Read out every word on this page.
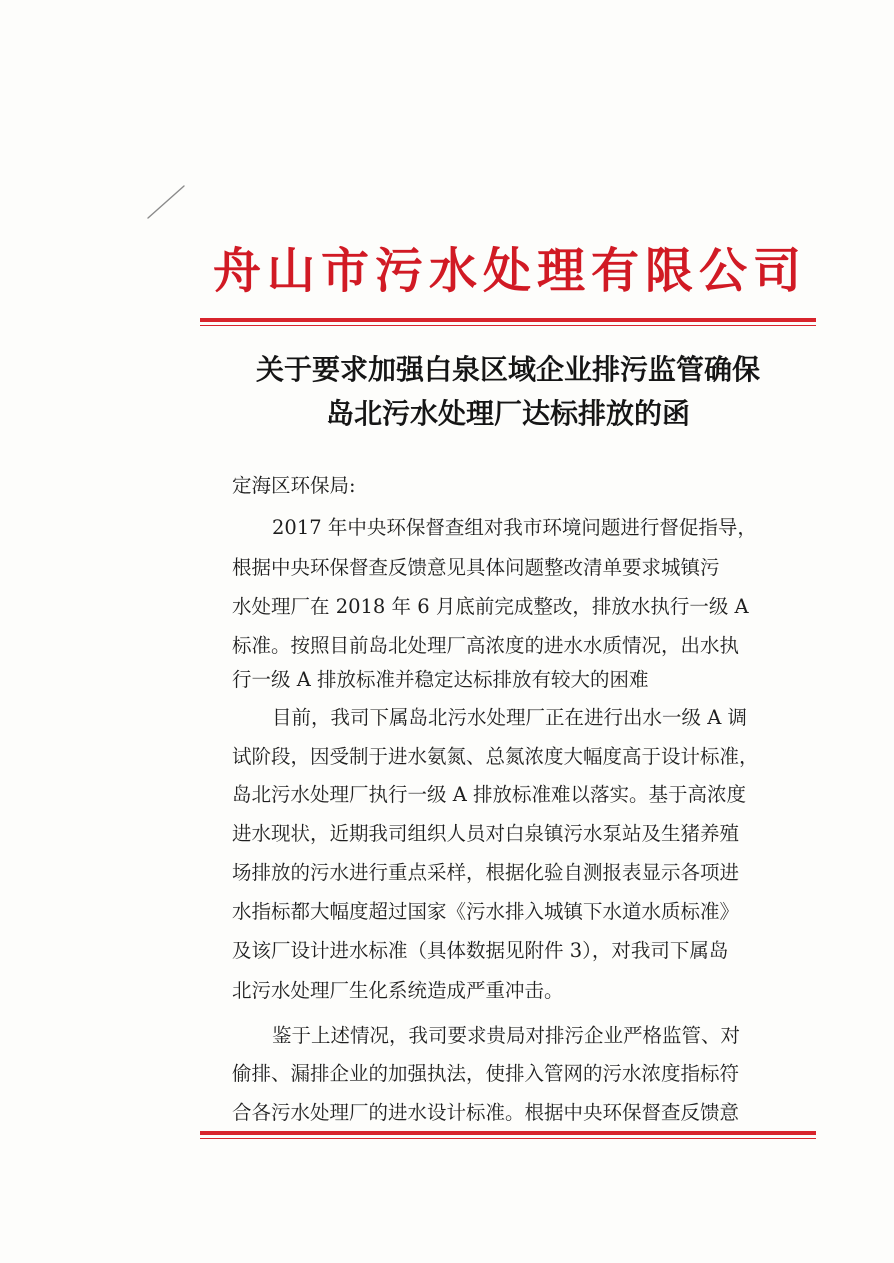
舟山市污水处理有限公司
关于要求加强白泉区域企业排污监管确保
岛北污水处理厂达标排放的函
定海区环保局:
2017 年中央环保督查组对我市环境问题进行督促指导，
根据中央环保督查反馈意见具体问题整改清单要求城镇污
水处理厂在 2018 年 6 月底前完成整改，排放水执行一级 A
标准。按照目前岛北处理厂高浓度的进水水质情况，出水执
行一级 A 排放标准并稳定达标排放有较大的困难
目前，我司下属岛北污水处理厂正在进行出水一级 A 调
试阶段，因受制于进水氨氮、总氮浓度大幅度高于设计标准，
岛北污水处理厂执行一级 A 排放标准难以落实。基于高浓度
进水现状，近期我司组织人员对白泉镇污水泵站及生猪养殖
场排放的污水进行重点采样，根据化验自测报表显示各项进
水指标都大幅度超过国家《污水排入城镇下水道水质标准》
及该厂设计进水标准（具体数据见附件 3），对我司下属岛
北污水处理厂生化系统造成严重冲击。
鉴于上述情况，我司要求贵局对排污企业严格监管、对
偷排、漏排企业的加强执法，使排入管网的污水浓度指标符
合各污水处理厂的进水设计标准。根据中央环保督查反馈意
